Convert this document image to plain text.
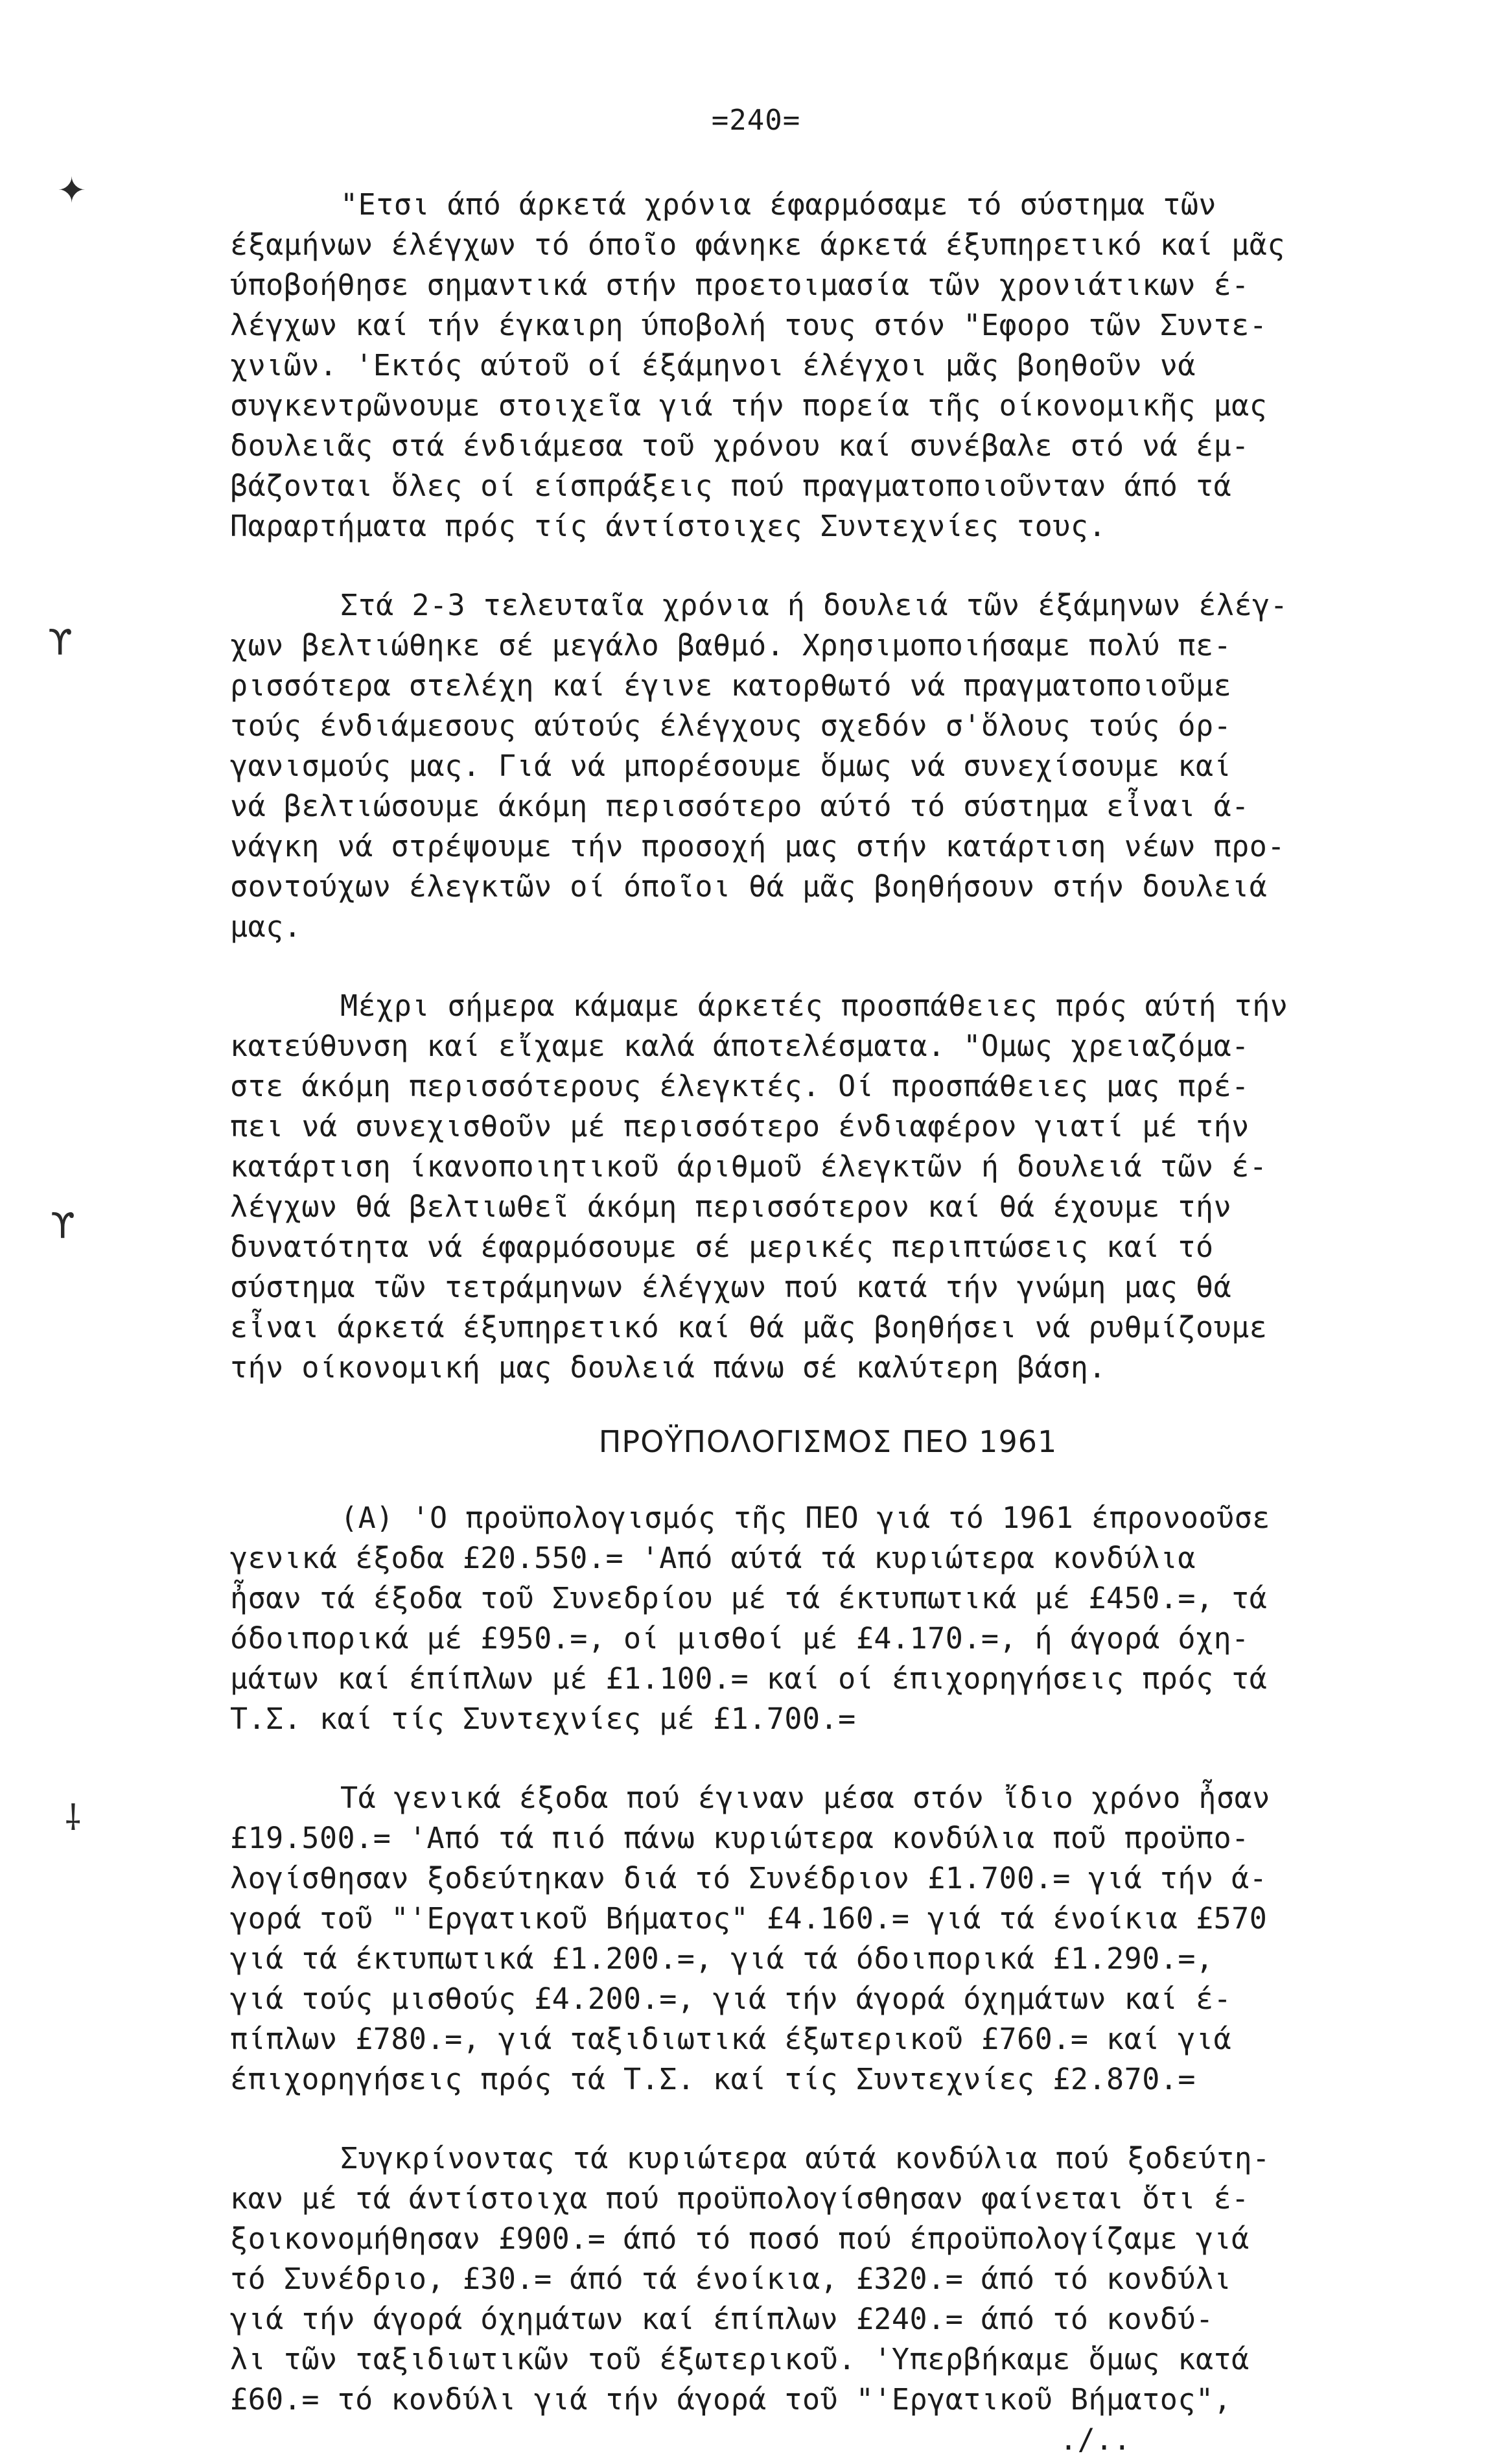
=240=
✦
ϒ
ϒ
⸸
"Ετσι άπό άρκετά χρόνια έφαρμόσαμε τό σύστημα τῶν
έξαμήνων έλέγχων τό όποῖο φάνηκε άρκετά έξυπηρετικό καί μᾶς
ύποβοήθησε σημαντικά στήν προετοιμασία τῶν χρονιάτικων έ-
λέγχων καί τήν έγκαιρη ύποβολή τους στόν "Εφορο τῶν Συντε-
χνιῶν. 'Εκτός αύτοῦ οί έξάμηνοι έλέγχοι μᾶς βοηθοῦν νά
συγκεντρῶνουμε στοιχεῖα γιά τήν πορεία τῆς οίκονομικῆς μας
δουλειᾶς στά ένδιάμεσα τοῦ χρόνου καί συνέβαλε στό νά έμ-
βάζονται ὅλες οί είσπράξεις πού πραγματοποιοῦνταν άπό τά
Παραρτήματα πρός τίς άντίστοιχες Συντεχνίες τους.
Στά 2-3 τελευταῖα χρόνια ή δουλειά τῶν έξάμηνων έλέγ-
χων βελτιώθηκε σέ μεγάλο βαθμό. Χρησιμοποιήσαμε πολύ πε-
ρισσότερα στελέχη καί έγινε κατορθωτό νά πραγματοποιοῦμε
τούς ένδιάμεσους αύτούς έλέγχους σχεδόν σ'ὅλους τούς όρ-
γανισμούς μας. Γιά νά μπορέσουμε ὅμως νά συνεχίσουμε καί
νά βελτιώσουμε άκόμη περισσότερο αύτό τό σύστημα εἶναι ά-
νάγκη νά στρέψουμε τήν προσοχή μας στήν κατάρτιση νέων προ-
σοντούχων έλεγκτῶν οί όποῖοι θά μᾶς βοηθήσουν στήν δουλειά
μας.
Μέχρι σήμερα κάμαμε άρκετές προσπάθειες πρός αύτή τήν
κατεύθυνση καί εἴχαμε καλά άποτελέσματα. "Ομως χρειαζόμα-
στε άκόμη περισσότερους έλεγκτές. Οί προσπάθειες μας πρέ-
πει νά συνεχισθοῦν μέ περισσότερο ένδιαφέρον γιατί μέ τήν
κατάρτιση ίκανοποιητικοῦ άριθμοῦ έλεγκτῶν ή δουλειά τῶν έ-
λέγχων θά βελτιωθεῖ άκόμη περισσότερον καί θά έχουμε τήν
δυνατότητα νά έφαρμόσουμε σέ μερικές περιπτώσεις καί τό
σύστημα τῶν τετράμηνων έλέγχων πού κατά τήν γνώμη μας θά
εἶναι άρκετά έξυπηρετικό καί θά μᾶς βοηθήσει νά ρυθμίζουμε
τήν οίκονομική μας δουλειά πάνω σέ καλύτερη βάση.
ΠΡΟΫΠΟΛΟΓΙΣΜΟΣ ΠΕΟ 1961
(Α) 'Ο προϋπολογισμός τῆς ΠΕΟ γιά τό 1961 έπρονοοῦσε
γενικά έξοδα £20.550.= 'Από αύτά τά κυριώτερα κονδύλια
ἦσαν τά έξοδα τοῦ Συνεδρίου μέ τά έκτυπωτικά μέ £450.=, τά
όδοιπορικά μέ £950.=, οί μισθοί μέ £4.170.=, ή άγορά όχη-
μάτων καί έπίπλων μέ £1.100.= καί οί έπιχορηγήσεις πρός τά
Τ.Σ. καί τίς Συντεχνίες μέ £1.700.=
Τά γενικά έξοδα πού έγιναν μέσα στόν ἴδιο χρόνο ἦσαν
£19.500.= 'Από τά πιό πάνω κυριώτερα κονδύλια ποῦ προϋπο-
λογίσθησαν ξοδεύτηκαν διά τό Συνέδριον £1.700.= γιά τήν ά-
γορά τοῦ "'Εργατικοῦ Βήματος" £4.160.= γιά τά ένοίκια £570
γιά τά έκτυπωτικά £1.200.=, γιά τά όδοιπορικά £1.290.=,
γιά τούς μισθούς £4.200.=, γιά τήν άγορά όχημάτων καί έ-
πίπλων £780.=, γιά ταξιδιωτικά έξωτερικοῦ £760.= καί γιά
έπιχορηγήσεις πρός τά Τ.Σ. καί τίς Συντεχνίες £2.870.=
Συγκρίνοντας τά κυριώτερα αύτά κονδύλια πού ξοδεύτη-
καν μέ τά άντίστοιχα πού προϋπολογίσθησαν φαίνεται ὅτι έ-
ξοικονομήθησαν £900.= άπό τό ποσό πού έπροϋπολογίζαμε γιά
τό Συνέδριο, £30.= άπό τά ένοίκια, £320.= άπό τό κονδύλι
γιά τήν άγορά όχημάτων καί έπίπλων £240.= άπό τό κονδύ-
λι τῶν ταξιδιωτικῶν τοῦ έξωτερικοῦ. 'Υπερβήκαμε ὅμως κατά
£60.= τό κονδύλι γιά τήν άγορά τοῦ "'Εργατικοῦ Βήματος",
./..
